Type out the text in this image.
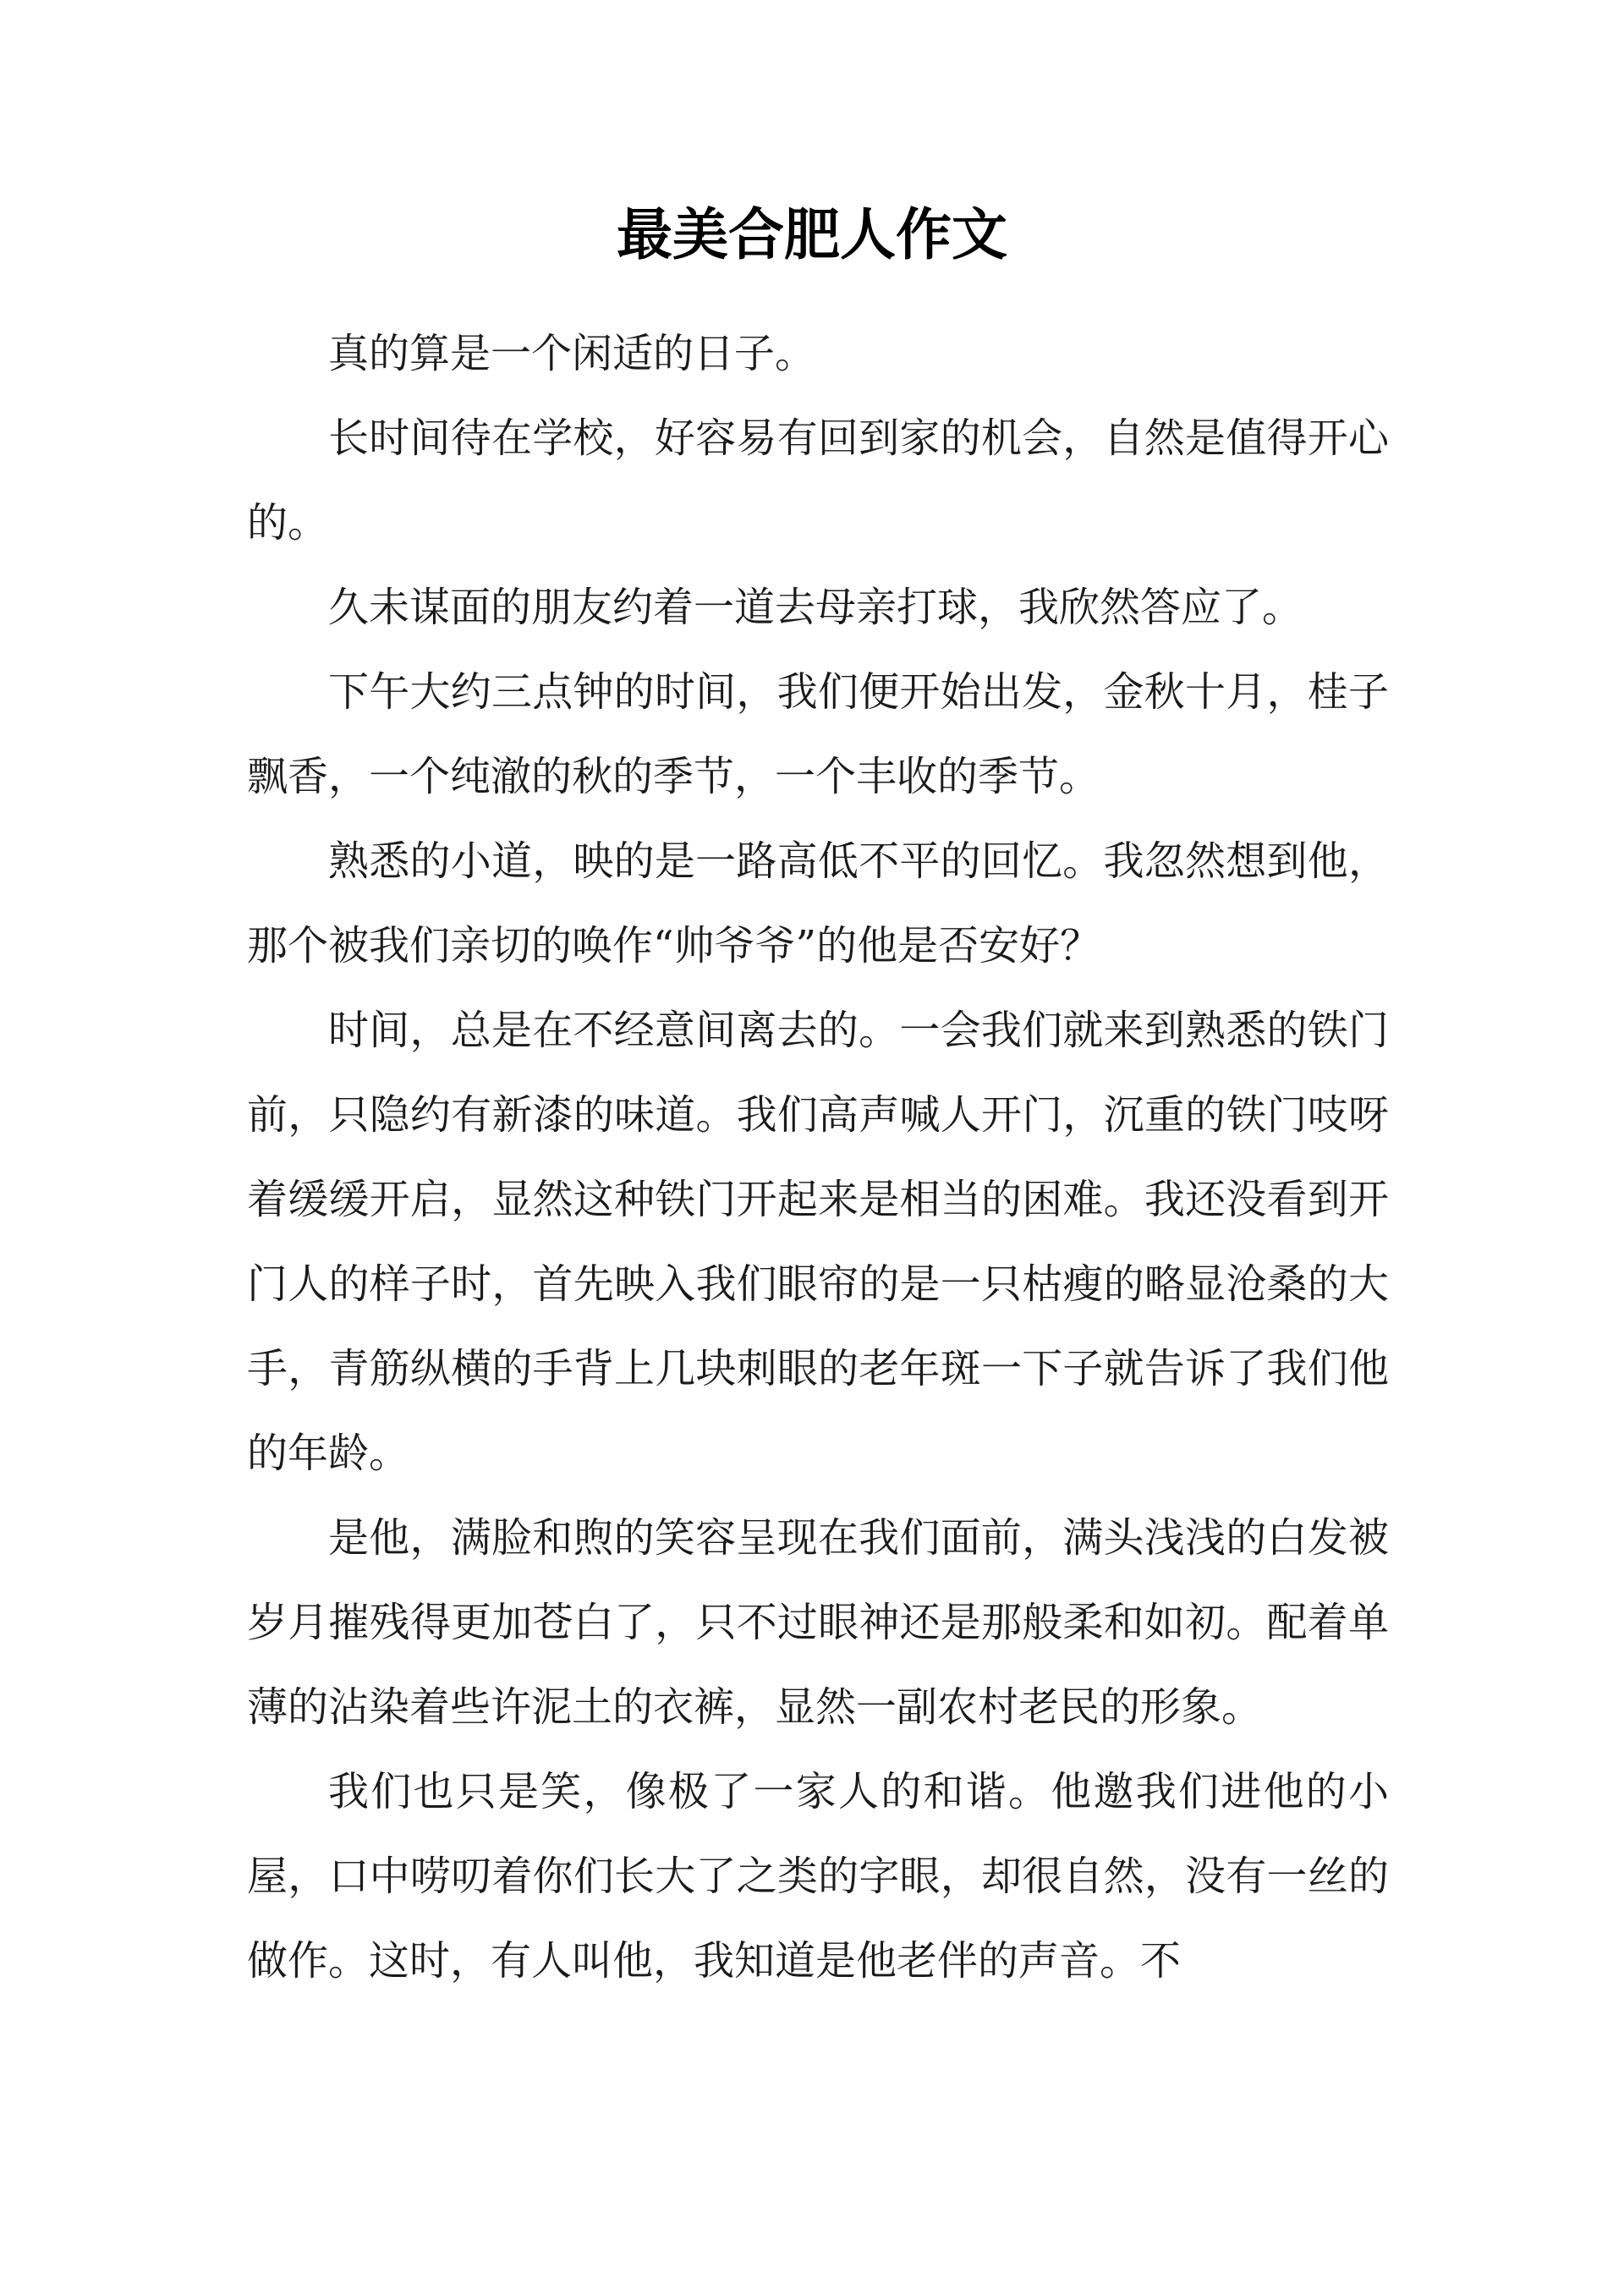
最美合肥人作文

真的算是一个闲适的日子。

长时间待在学校，好容易有回到家的机会，自然是值得开心的。

久未谋面的朋友约着一道去母亲打球，我欣然答应了。

下午大约三点钟的时间，我们便开始出发，金秋十月，桂子飘香，一个纯澈的秋的季节，一个丰收的季节。

熟悉的小道，映的是一路高低不平的回忆。我忽然想到他，那个被我们亲切的唤作“帅爷爷”的他是否安好？

时间，总是在不经意间离去的。一会我们就来到熟悉的铁门前，只隐约有新漆的味道。我们高声喊人开门，沉重的铁门吱呀着缓缓开启，显然这种铁门开起来是相当的困难。我还没看到开门人的样子时，首先映入我们眼帘的是一只枯瘦的略显沧桑的大手，青筋纵横的手背上几块刺眼的老年斑一下子就告诉了我们他的年龄。

是他，满脸和煦的笑容呈现在我们面前，满头浅浅的白发被岁月摧残得更加苍白了，只不过眼神还是那般柔和如初。配着单薄的沾染着些许泥土的衣裤，显然一副农村老民的形象。

我们也只是笑，像极了一家人的和谐。他邀我们进他的小屋，口中唠叨着你们长大了之类的字眼，却很自然，没有一丝的做作。这时，有人叫他，我知道是他老伴的声音。不
